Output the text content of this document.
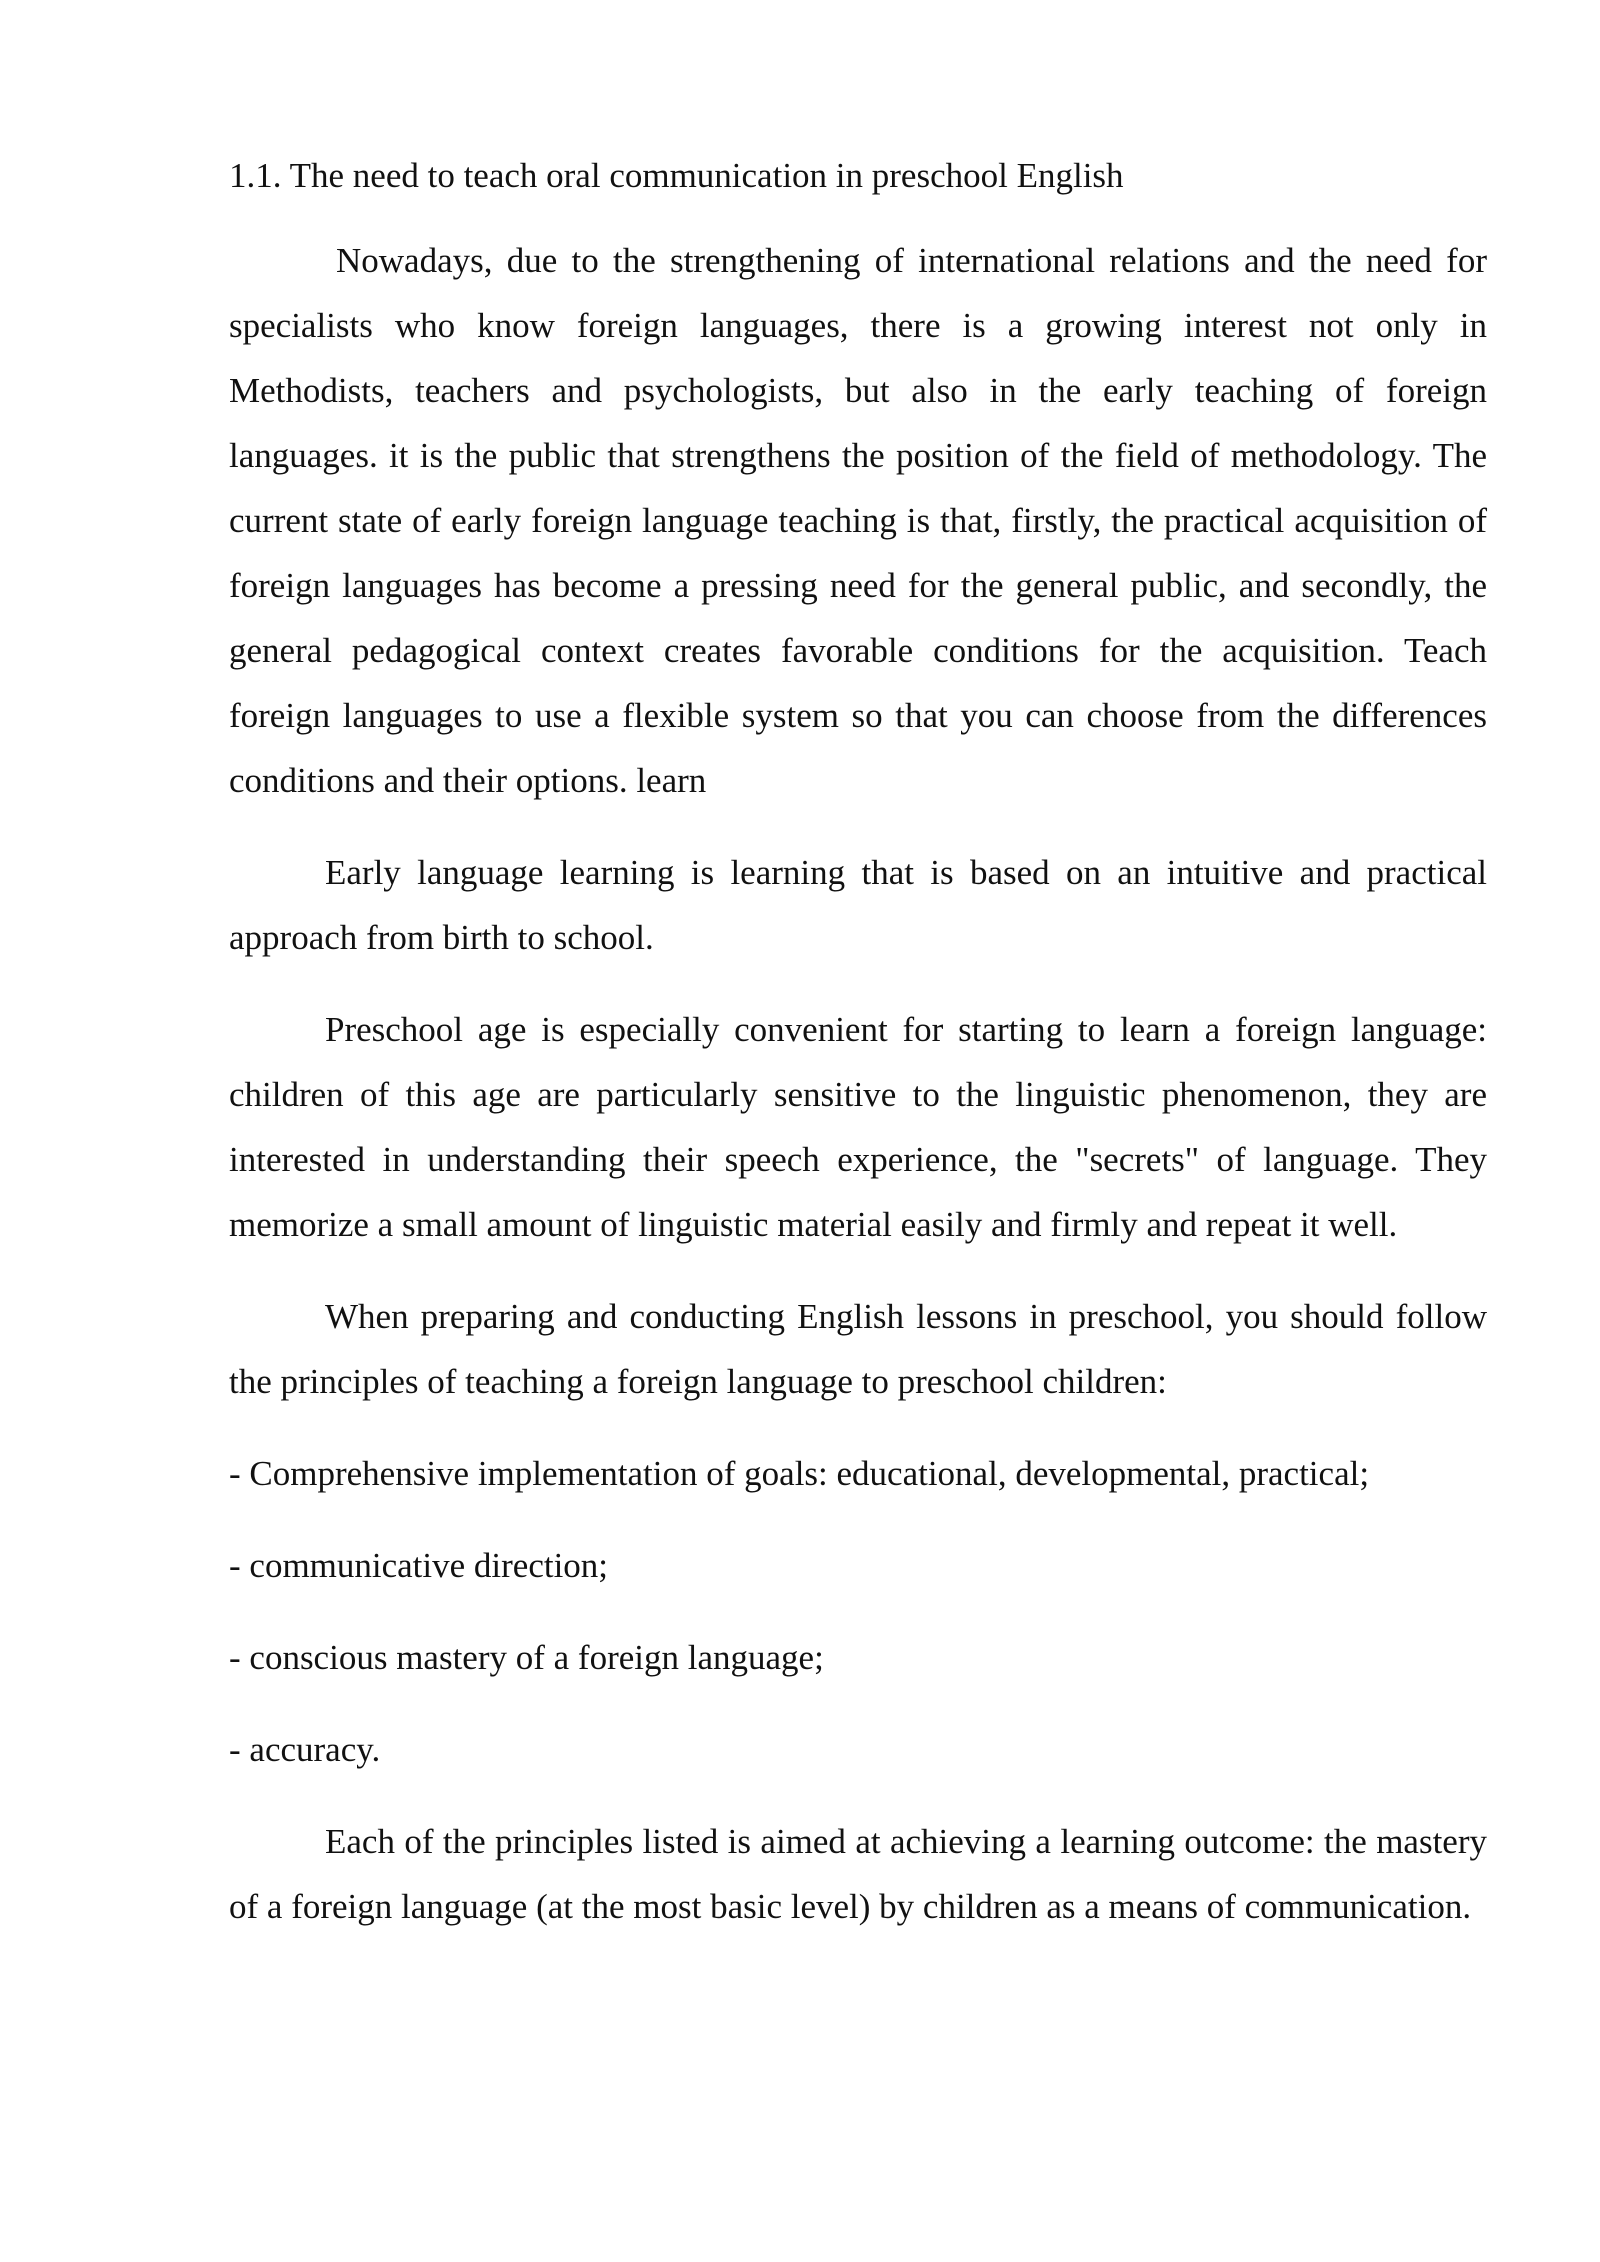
1.1. The need to teach oral communication in preschool English

Nowadays, due to the strengthening of international relations and the need for specialists who know foreign languages, there is a growing interest not only in Methodists, teachers and psychologists, but also in the early teaching of foreign languages. it is the public that strengthens the position of the field of methodology. The current state of early foreign language teaching is that, firstly, the practical acquisition of foreign languages has become a pressing need for the general public, and secondly, the general pedagogical context creates favorable conditions for the acquisition. Teach foreign languages to use a flexible system so that you can choose from the differences conditions and their options. learn

Early language learning is learning that is based on an intuitive and practical approach from birth to school.

Preschool age is especially convenient for starting to learn a foreign language: children of this age are particularly sensitive to the linguistic phenomenon, they are interested in understanding their speech experience, the "secrets" of language. They memorize a small amount of linguistic material easily and firmly and repeat it well.

When preparing and conducting English lessons in preschool, you should follow the principles of teaching a foreign language to preschool children:

- Comprehensive implementation of goals: educational, developmental, practical;
- communicative direction;
- conscious mastery of a foreign language;
- accuracy.

Each of the principles listed is aimed at achieving a learning outcome: the mastery of a foreign language (at the most basic level) by children as a means of communication.
